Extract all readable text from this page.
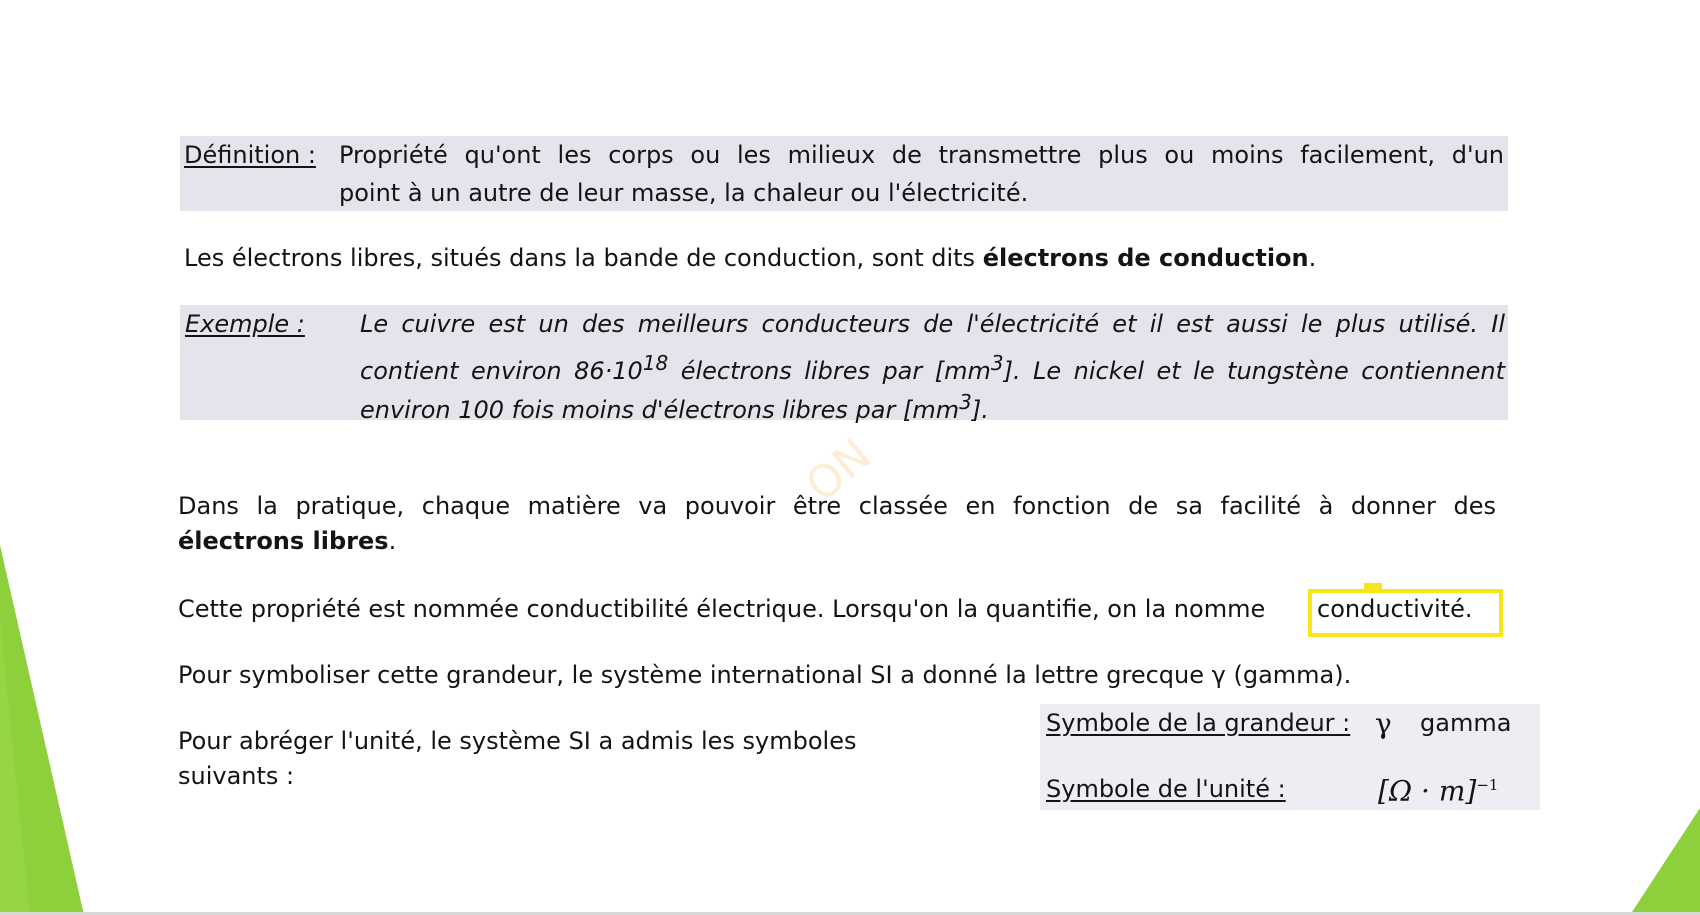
ON
Définition : Propriété qu'ont les corps ou les milieux de transmettre plus ou moins facilement, d'un
point à un autre de leur masse, la chaleur ou l'électricité.
Les électrons libres, situés dans la bande de conduction, sont dits électrons de conduction.
Exemple : Le cuivre est un des meilleurs conducteurs de l'électricité et il est aussi le plus utilisé. Il
contient environ $86\cdot 10^{18}$ électrons libres par $[mm^3]$. Le nickel et le tungstène contiennent
environ 100 fois moins d'électrons libres par $[mm^3]$.
Dans la pratique, chaque matière va pouvoir être classée en fonction de sa facilité à donner des
électrons libres.
Cette propriété est nommée conductibilité électrique. Lorsqu'on la quantifie, on la nomme conductivité.
Pour symboliser cette grandeur, le système international SI a donné la lettre grecque γ (gamma).
Pour abréger l'unité, le système SI a admis les symboles
suivants :
Symbole de la grandeur : γ gamma
Symbole de l'unité :	$[\Omega \cdot m]^{-1}$
